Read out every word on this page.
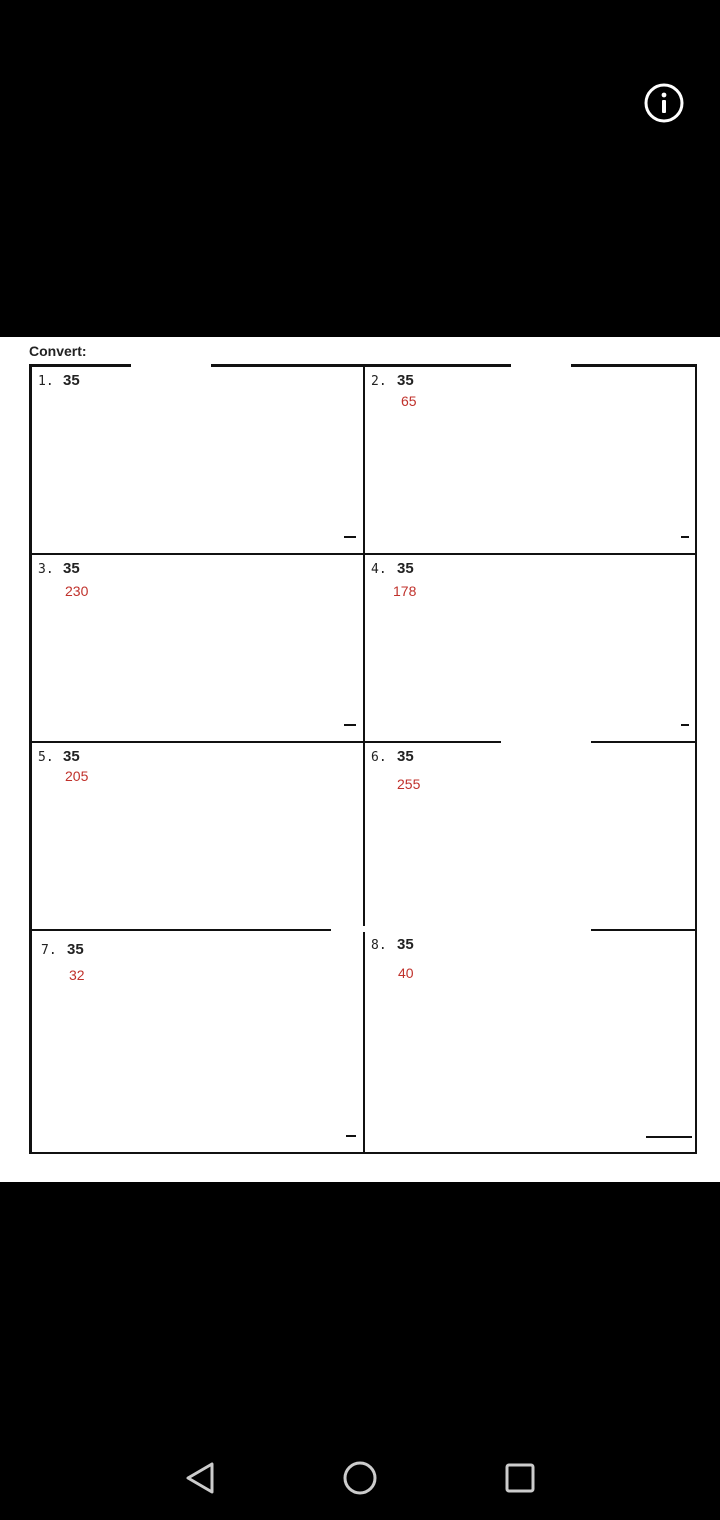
Convert:
1. 35	2. 35
65
3. 35
230
4. 35
178
5. 35
205
6. 35
255
7. 35
32
8. 35
40
